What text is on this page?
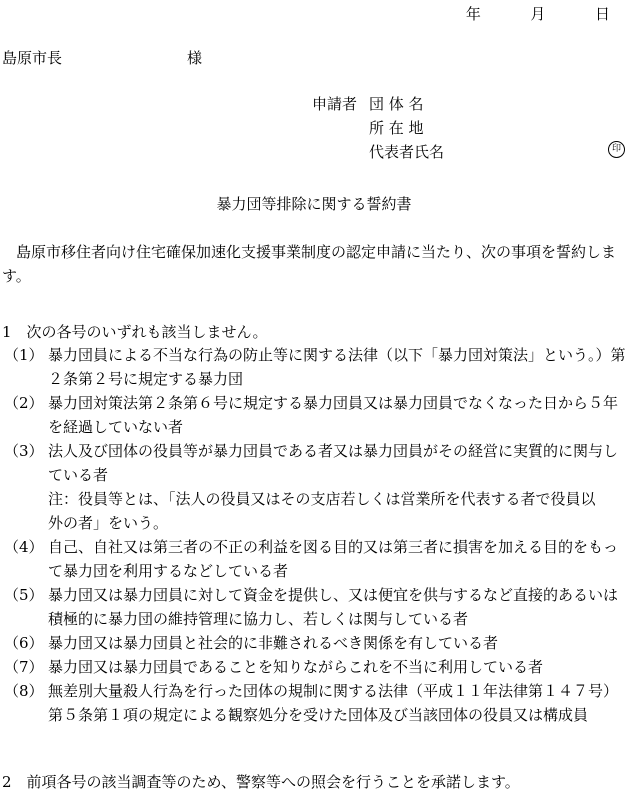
年	月	日
島原市長	様
申請者 団 体 名
所 在 地
代表者氏名	印
暴力団等排除に関する誓約書
島原市移住者向け住宅確保加速化支援事業制度の認定申請に当たり、次の事項を誓約します。
1　次の各号のいずれも該当しません。
（1） 暴力団員による不当な行為の防止等に関する法律（以下「暴力団対策法」という。）第２条第２号に規定する暴力団
（2） 暴力団対策法第２条第６号に規定する暴力団員又は暴力団員でなくなった日から５年を経過していない者
（3） 法人及び団体の役員等が暴力団員である者又は暴力団員がその経営に実質的に関与している者
注：役員等とは、「法人の役員又はその支店若しくは営業所を代表する者で役員以外の者」をいう。
（4） 自己、自社又は第三者の不正の利益を図る目的又は第三者に損害を加える目的をもって暴力団を利用するなどしている者
（5） 暴力団又は暴力団員に対して資金を提供し、又は便宜を供与するなど直接的あるいは積極的に暴力団の維持管理に協力し、若しくは関与している者
（6） 暴力団又は暴力団員と社会的に非難されるべき関係を有している者
（7） 暴力団又は暴力団員であることを知りながらこれを不当に利用している者
（8） 無差別大量殺人行為を行った団体の規制に関する法律（平成１１年法律第１４７号）第５条第１項の規定による観察処分を受けた団体及び当該団体の役員又は構成員
2　前項各号の該当調査等のため、警察等への照会を行うことを承諾します。
